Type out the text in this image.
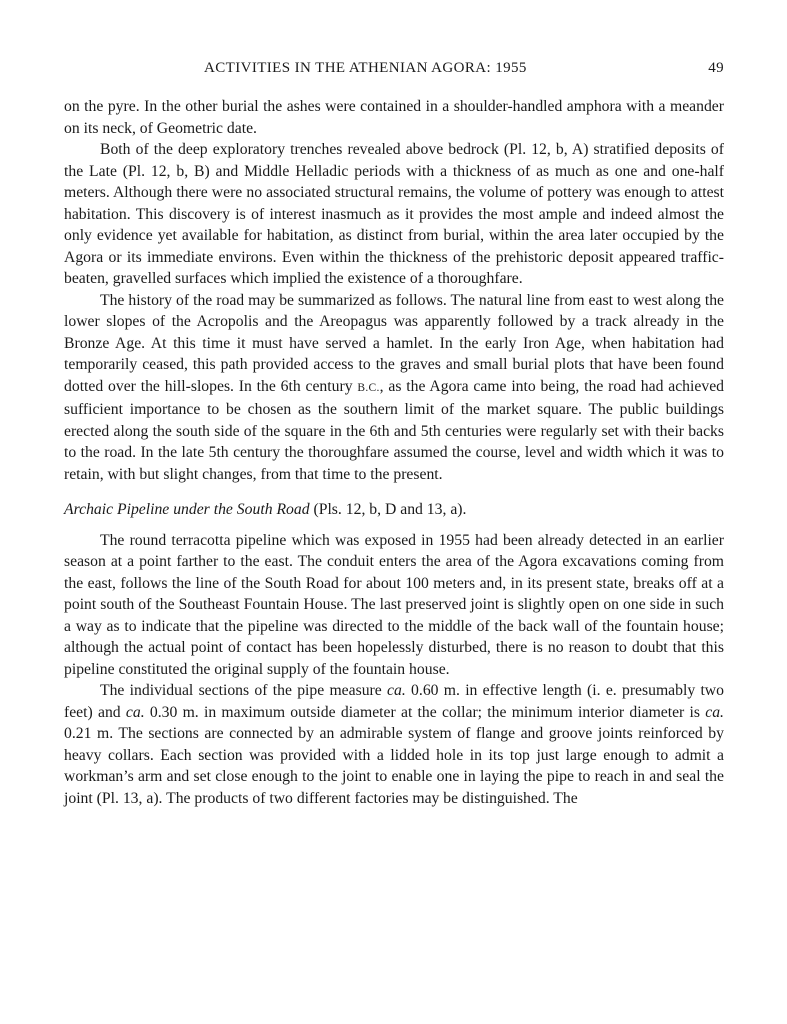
ACTIVITIES IN THE ATHENIAN AGORA: 1955	49

on the pyre. In the other burial the ashes were contained in a shoulder-handled amphora with a meander on its neck, of Geometric date.

Both of the deep exploratory trenches revealed above bedrock (Pl. 12, b, A) stratified deposits of the Late (Pl. 12, b, B) and Middle Helladic periods with a thickness of as much as one and one-half meters. Although there were no associated structural remains, the volume of pottery was enough to attest habitation. This discovery is of interest inasmuch as it provides the most ample and indeed almost the only evidence yet available for habitation, as distinct from burial, within the area later occupied by the Agora or its immediate environs. Even within the thickness of the prehistoric deposit appeared traffic-beaten, gravelled surfaces which implied the existence of a thoroughfare.

The history of the road may be summarized as follows. The natural line from east to west along the lower slopes of the Acropolis and the Areopagus was apparently followed by a track already in the Bronze Age. At this time it must have served a hamlet. In the early Iron Age, when habitation had temporarily ceased, this path provided access to the graves and small burial plots that have been found dotted over the hill-slopes. In the 6th century B.C., as the Agora came into being, the road had achieved sufficient importance to be chosen as the southern limit of the market square. The public buildings erected along the south side of the square in the 6th and 5th centuries were regularly set with their backs to the road. In the late 5th century the thoroughfare assumed the course, level and width which it was to retain, with but slight changes, from that time to the present.

Archaic Pipeline under the South Road (Pls. 12, b, D and 13, a).

The round terracotta pipeline which was exposed in 1955 had been already detected in an earlier season at a point farther to the east. The conduit enters the area of the Agora excavations coming from the east, follows the line of the South Road for about 100 meters and, in its present state, breaks off at a point south of the Southeast Fountain House. The last preserved joint is slightly open on one side in such a way as to indicate that the pipeline was directed to the middle of the back wall of the fountain house; although the actual point of contact has been hopelessly disturbed, there is no reason to doubt that this pipeline constituted the original supply of the fountain house.

The individual sections of the pipe measure ca. 0.60 m. in effective length (i. e. presumably two feet) and ca. 0.30 m. in maximum outside diameter at the collar; the minimum interior diameter is ca. 0.21 m. The sections are connected by an admirable system of flange and groove joints reinforced by heavy collars. Each section was provided with a lidded hole in its top just large enough to admit a workman’s arm and set close enough to the joint to enable one in laying the pipe to reach in and seal the joint (Pl. 13, a). The products of two different factories may be distinguished. The
